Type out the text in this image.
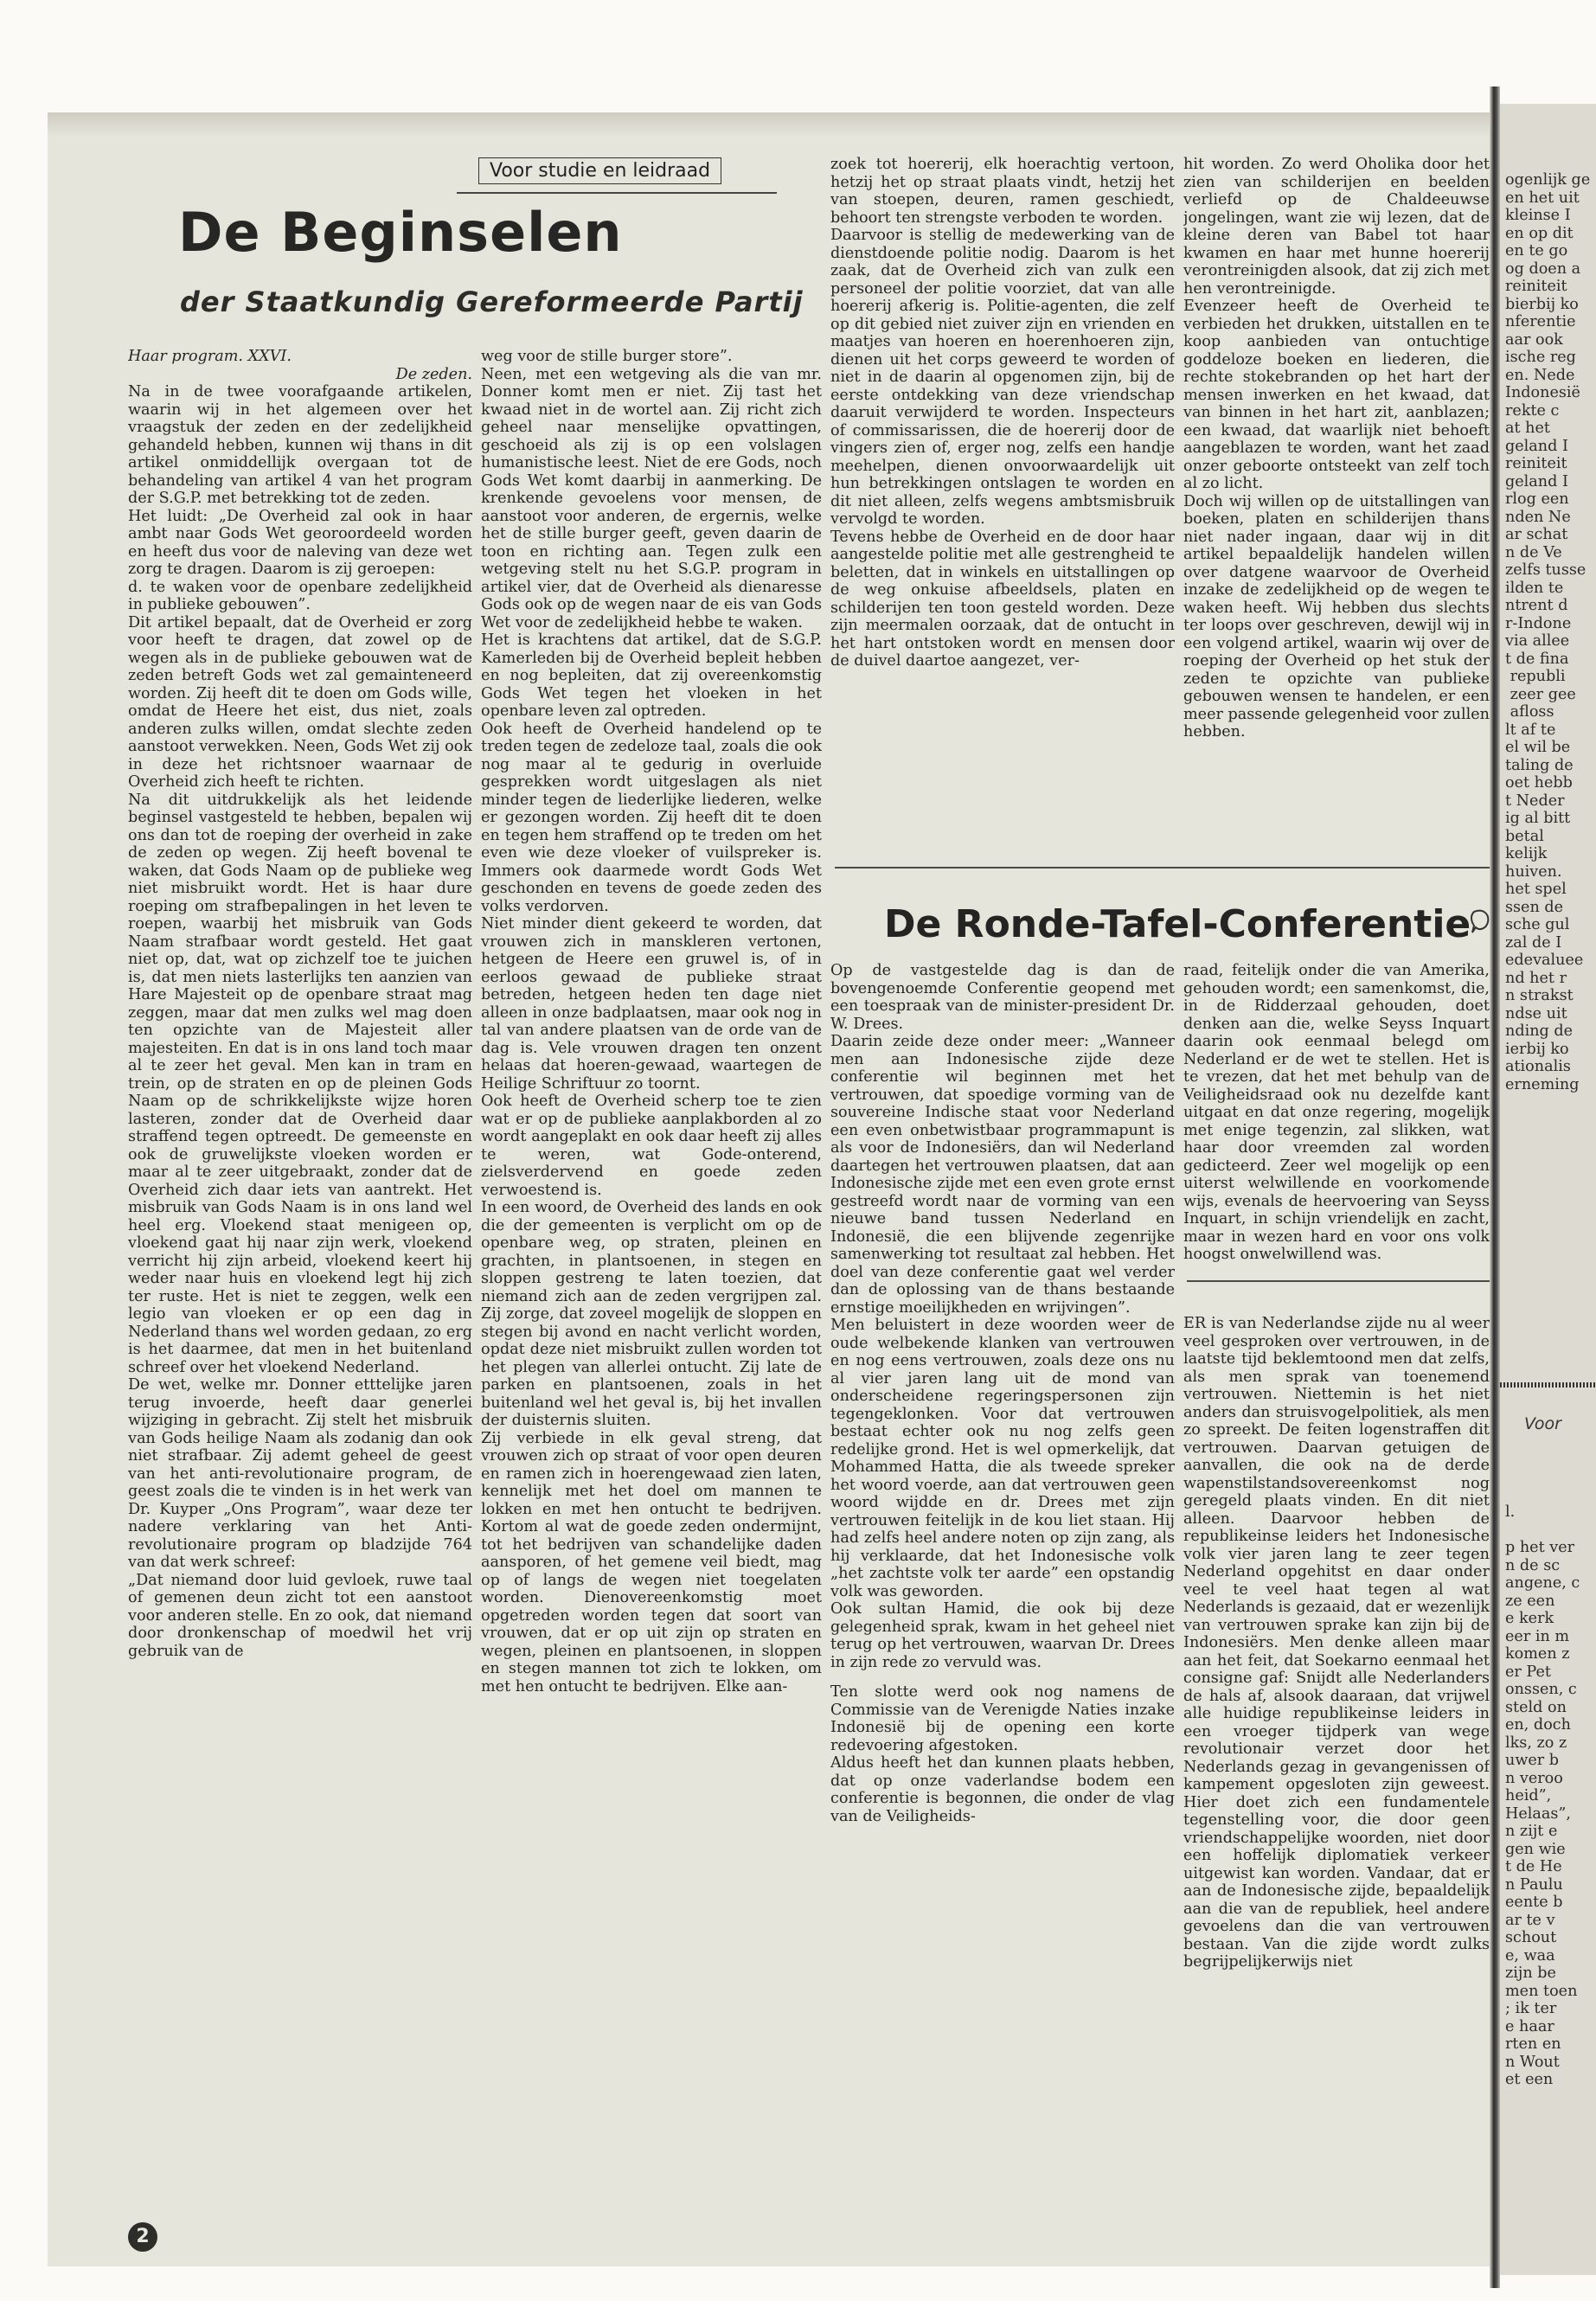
Voor studie en leidraad
De Beginselen
der Staatkundig Gereformeerde Partij

Haar program. XXVI.

De zeden.

Na in de twee voorafgaande artikelen, waarin wij in het algemeen over het vraagstuk der zeden en der zedelijkheid gehandeld hebben, kunnen wij thans in dit artikel onmiddellijk overgaan tot de behandeling van artikel 4 van het program der S.G.P. met betrekking tot de zeden.

Het luidt: „De Overheid zal ook in haar ambt naar Gods Wet georoordeeld worden en heeft dus voor de naleving van deze wet zorg te dragen. Daarom is zij geroepen:

d. te waken voor de openbare zedelijkheid in publieke gebouwen”.

Dit artikel bepaalt, dat de Overheid er zorg voor heeft te dragen, dat zowel op de wegen als in de publieke gebouwen wat de zeden betreft Gods wet zal gemainteneerd worden. Zij heeft dit te doen om Gods wille, omdat de Heere het eist, dus niet, zoals anderen zulks willen, omdat slechte zeden aanstoot verwekken. Neen, Gods Wet zij ook in deze het richtsnoer waarnaar de Overheid zich heeft te richten.

Na dit uitdrukkelijk als het leidende beginsel vastgesteld te hebben, bepalen wij ons dan tot de roeping der overheid in zake de zeden op wegen. Zij heeft bovenal te waken, dat Gods Naam op de publieke weg niet misbruikt wordt. Het is haar dure roeping om strafbepalingen in het leven te roepen, waarbij het misbruik van Gods Naam strafbaar wordt gesteld. Het gaat niet op, dat, wat op zichzelf toe te juichen is, dat men niets lasterlijks ten aanzien van Hare Majesteit op de openbare straat mag zeggen, maar dat men zulks wel mag doen ten opzichte van de Majesteit aller majesteiten. En dat is in ons land toch maar al te zeer het geval. Men kan in tram en trein, op de straten en op de pleinen Gods Naam op de schrikkelijkste wijze horen lasteren, zonder dat de Overheid daar straffend tegen optreedt. De gemeenste en ook de gruwelijkste vloeken worden er maar al te zeer uitgebraakt, zonder dat de Overheid zich daar iets van aantrekt. Het misbruik van Gods Naam is in ons land wel heel erg. Vloekend staat menigeen op, vloekend gaat hij naar zijn werk, vloekend verricht hij zijn arbeid, vloekend keert hij weder naar huis en vloekend legt hij zich ter ruste. Het is niet te zeggen, welk een legio van vloeken er op een dag in Nederland thans wel worden gedaan, zo erg is het daarmee, dat men in het buitenland schreef over het vloekend Nederland.

De wet, welke mr. Donner etttelijke jaren terug invoerde, heeft daar generlei wijziging in gebracht. Zij stelt het misbruik van Gods heilige Naam als zodanig dan ook niet strafbaar. Zij ademt geheel de geest van het anti-revolutionaire program, de geest zoals die te vinden is in het werk van Dr. Kuyper „Ons Program”, waar deze ter nadere verklaring van het Anti-revolutionaire program op bladzijde 764 van dat werk schreef:

„Dat niemand door luid gevloek, ruwe taal of gemenen deun zicht tot een aanstoot voor anderen stelle. En zo ook, dat niemand door dronkenschap of moedwil het vrij gebruik van de

weg voor de stille burger store”.

Neen, met een wetgeving als die van mr. Donner komt men er niet. Zij tast het kwaad niet in de wortel aan. Zij richt zich geheel naar menselijke opvattingen, geschoeid als zij is op een volslagen humanistische leest. Niet de ere Gods, noch Gods Wet komt daarbij in aanmerking. De krenkende gevoelens voor mensen, de aanstoot voor anderen, de ergernis, welke het de stille burger geeft, geven daarin de toon en richting aan. Tegen zulk een wetgeving stelt nu het S.G.P. program in artikel vier, dat de Overheid als dienaresse Gods ook op de wegen naar de eis van Gods Wet voor de zedelijkheid hebbe te waken.

Het is krachtens dat artikel, dat de S.G.P. Kamerleden bij de Overheid bepleit hebben en nog bepleiten, dat zij overeenkomstig Gods Wet tegen het vloeken in het openbare leven zal optreden.

Ook heeft de Overheid handelend op te treden tegen de zedeloze taal, zoals die ook nog maar al te gedurig in overluide gesprekken wordt uitgeslagen als niet minder tegen de liederlijke liederen, welke er gezongen worden. Zij heeft dit te doen en tegen hem straffend op te treden om het even wie deze vloeker of vuilspreker is. Immers ook daarmede wordt Gods Wet geschonden en tevens de goede zeden des volks verdorven.

Niet minder dient gekeerd te worden, dat vrouwen zich in manskleren vertonen, hetgeen de Heere een gruwel is, of in eerloos gewaad de publieke straat betreden, hetgeen heden ten dage niet alleen in onze badplaatsen, maar ook nog in tal van andere plaatsen van de orde van de dag is. Vele vrouwen dragen ten onzent helaas dat hoeren-gewaad, waartegen de Heilige Schriftuur zo toornt.

Ook heeft de Overheid scherp toe te zien wat er op de publieke aanplakborden al zo wordt aangeplakt en ook daar heeft zij alles te weren, wat Gode-onterend, zielsverdervend en goede zeden verwoestend is.

In een woord, de Overheid des lands en ook die der gemeenten is verplicht om op de openbare weg, op straten, pleinen en grachten, in plantsoenen, in stegen en sloppen gestreng te laten toezien, dat niemand zich aan de zeden vergrijpen zal. Zij zorge, dat zoveel mogelijk de sloppen en stegen bij avond en nacht verlicht worden, opdat deze niet misbruikt zullen worden tot het plegen van allerlei ontucht. Zij late de parken en plantsoenen, zoals in het buitenland wel het geval is, bij het invallen der duisternis sluiten.

Zij verbiede in elk geval streng, dat vrouwen zich op straat of voor open deuren en ramen zich in hoerengewaad zien laten, kennelijk met het doel om mannen te lokken en met hen ontucht te bedrijven. Kortom al wat de goede zeden ondermijnt, tot het bedrijven van schandelijke daden aansporen, of het gemene veil biedt, mag op of langs de wegen niet toegelaten worden. Dienovereenkomstig moet opgetreden worden tegen dat soort van vrouwen, dat er op uit zijn op straten en wegen, pleinen en plantsoenen, in sloppen en stegen mannen tot zich te lokken, om met hen ontucht te bedrijven. Elke aan-

zoek tot hoererij, elk hoerachtig vertoon, hetzij het op straat plaats vindt, hetzij het van stoepen, deuren, ramen geschiedt, behoort ten strengste verboden te worden.

Daarvoor is stellig de medewerking van de dienstdoende politie nodig. Daarom is het zaak, dat de Overheid zich van zulk een personeel der politie voorziet, dat van alle hoererij afkerig is. Politie-agenten, die zelf op dit gebied niet zuiver zijn en vrienden en maatjes van hoeren en hoerenhoeren zijn, dienen uit het corps geweerd te worden of niet in de daarin al opgenomen zijn, bij de eerste ontdekking van deze vriendschap daaruit verwijderd te worden. Inspecteurs of commissarissen, die de hoererij door de vingers zien of, erger nog, zelfs een handje meehelpen, dienen onvoorwaardelijk uit hun betrekkingen ontslagen te worden en dit niet alleen, zelfs wegens ambtsmisbruik vervolgd te worden.

Tevens hebbe de Overheid en de door haar aangestelde politie met alle gestrengheid te beletten, dat in winkels en uitstallingen op de weg onkuise afbeeldsels, platen en schilderijen ten toon gesteld worden. Deze zijn meermalen oorzaak, dat de ontucht in het hart ontstoken wordt en mensen door de duivel daartoe aangezet, ver-

hit worden. Zo werd Oholika door het zien van schilderijen en beelden verliefd op de Chaldeeuwse jongelingen, want zie wij lezen, dat de kleine deren van Babel tot haar kwamen en haar met hunne hoererij verontreinigden alsook, dat zij zich met hen verontreinigde.

Evenzeer heeft de Overheid te verbieden het drukken, uitstallen en te koop aanbieden van ontuchtige goddeloze boeken en liederen, die rechte stokebranden op het hart der mensen inwerken en het kwaad, dat van binnen in het hart zit, aanblazen; een kwaad, dat waarlijk niet behoeft aangeblazen te worden, want het zaad onzer geboorte ontsteekt van zelf toch al zo licht.

Doch wij willen op de uitstallingen van boeken, platen en schilderijen thans niet nader ingaan, daar wij in dit artikel bepaaldelijk handelen willen over datgene waarvoor de Overheid inzake de zedelijkheid op de wegen te waken heeft. Wij hebben dus slechts ter loops over geschreven, dewijl wij in een volgend artikel, waarin wij over de roeping der Overheid op het stuk der zeden te opzichte van publieke gebouwen wensen te handelen, er een meer passende gelegenheid voor zullen hebben.

De Ronde-Tafel-Conferentie

Op de vastgestelde dag is dan de bovengenoemde Conferentie geopend met een toespraak van de minister-president Dr. W. Drees.

Daarin zeide deze onder meer: „Wanneer men aan Indonesische zijde deze conferentie wil beginnen met het vertrouwen, dat spoedige vorming van de souvereine Indische staat voor Nederland een even onbetwistbaar programmapunt is als voor de Indonesiërs, dan wil Nederland daartegen het vertrouwen plaatsen, dat aan Indonesische zijde met een even grote ernst gestreefd wordt naar de vorming van een nieuwe band tussen Nederland en Indonesië, die een blijvende zegenrijke samenwerking tot resultaat zal hebben. Het doel van deze conferentie gaat wel verder dan de oplossing van de thans bestaande ernstige moeilijkheden en wrijvingen”.

Men beluistert in deze woorden weer de oude welbekende klanken van vertrouwen en nog eens vertrouwen, zoals deze ons nu al vier jaren lang uit de mond van onderscheidene regeringspersonen zijn tegengeklonken. Voor dat vertrouwen bestaat echter ook nu nog zelfs geen redelijke grond. Het is wel opmerkelijk, dat Mohammed Hatta, die als tweede spreker het woord voerde, aan dat vertrouwen geen woord wijdde en dr. Drees met zijn vertrouwen feitelijk in de kou liet staan. Hij had zelfs heel andere noten op zijn zang, als hij verklaarde, dat het Indonesische volk „het zachtste volk ter aarde” een opstandig volk was geworden.

Ook sultan Hamid, die ook bij deze gelegenheid sprak, kwam in het geheel niet terug op het vertrouwen, waarvan Dr. Drees in zijn rede zo vervuld was.

Ten slotte werd ook nog namens de Commissie van de Verenigde Naties inzake Indonesië bij de opening een korte redevoering afgestoken.

Aldus heeft het dan kunnen plaats hebben, dat op onze vaderlandse bodem een conferentie is begonnen, die onder de vlag van de Veiligheids-

raad, feitelijk onder die van Amerika, gehouden wordt; een samenkomst, die, in de Ridderzaal gehouden, doet denken aan die, welke Seyss Inquart daarin ook eenmaal belegd om Nederland er de wet te stellen. Het is te vrezen, dat het met behulp van de Veiligheidsraad ook nu dezelfde kant uitgaat en dat onze regering, mogelijk met enige tegenzin, zal slikken, wat haar door vreemden zal worden gedicteerd. Zeer wel mogelijk op een uiterst welwillende en voorkomende wijs, evenals de heervoering van Seyss Inquart, in schijn vriendelijk en zacht, maar in wezen hard en voor ons volk hoogst onwelwillend was.

ER is van Nederlandse zijde nu al weer veel gesproken over vertrouwen, in de laatste tijd beklemtoond men dat zelfs, als men sprak van toenemend vertrouwen. Niettemin is het niet anders dan struisvogelpolitiek, als men zo spreekt. De feiten logenstraffen dit vertrouwen. Daarvan getuigen de aanvallen, die ook na de derde wapenstilstandsovereenkomst nog geregeld plaats vinden. En dit niet alleen. Daarvoor hebben de republikeinse leiders het Indonesische volk vier jaren lang te zeer tegen Nederland opgehitst en daar onder veel te veel haat tegen al wat Nederlands is gezaaid, dat er wezenlijk van vertrouwen sprake kan zijn bij de Indonesiërs. Men denke alleen maar aan het feit, dat Soekarno eenmaal het consigne gaf: Snijdt alle Nederlanders de hals af, alsook daaraan, dat vrijwel alle huidige republikeinse leiders in een vroeger tijdperk van wege revolutionair verzet door het Nederlands gezag in gevangenissen of kampement opgesloten zijn geweest. Hier doet zich een fundamentele tegenstelling voor, die door geen vriendschappelijke woorden, niet door een hoffelijk diplomatiek verkeer uitgewist kan worden. Vandaar, dat er aan de Indonesische zijde, bepaaldelijk aan die van de republiek, heel andere gevoelens dan die van vertrouwen bestaan. Van die zijde wordt zulks begrijpelijkerwijs niet

ogenlijk ge
en het uit
kleinse I
en op dit
en te go
og doen a
reiniteit
bierbij ko
nferentie
aar ook
ische reg
en. Nede
Indonesië
rekte c
at het
geland I
reiniteit
geland I
rlog een
nden Ne
ar schat
n de Ve
zelfs tusse
ilden te
ntrent d
r-Indone
via allee
t de fina
republi
zeer gee
afloss
lt af te
el wil be
taling de
oet hebb
t Neder
ig al bitt
betal
kelijk
huiven.
het spel
ssen de
sche gul
zal de I
edevaluee
nd het r
n strakst
ndse uit
nding de
ierbij ko
ationalis
erneming
Voor
l.

p het ver
n de sc
angene, c
ze een
e kerk
eer in m
komen z
er Pet
onssen, c
steld on
en, doch
lks, zo z
uwer b
n veroo
heid”,
Helaas”,
n zijt e
gen wie
t de He
n Paulu
eente b
ar te v
schout
e, waa
zijn be
men toen
; ik ter
e haar
rten en
n Wout
et een
2
